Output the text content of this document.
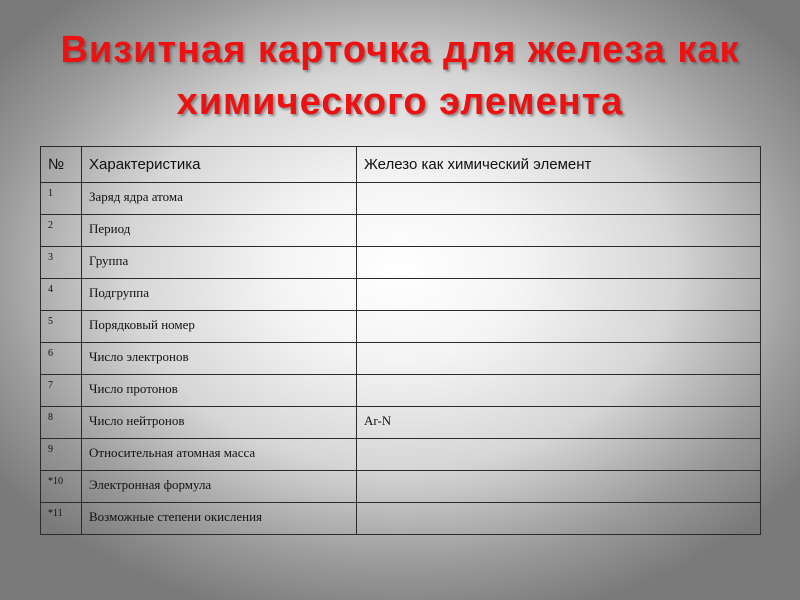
Визитная карточка для железа как
химического элемента
№	Характеристика	Железо как химический элемент
1	Заряд ядра атома	
2	Период	
3	Группа	
4	Подгруппа	
5	Порядковый номер	
6	Число электронов	
7	Число протонов	
8	Число нейтронов	Ar-N
9	Относительная атомная масса	
*10	Электронная формула	
*11	Возможные степени окисления	
